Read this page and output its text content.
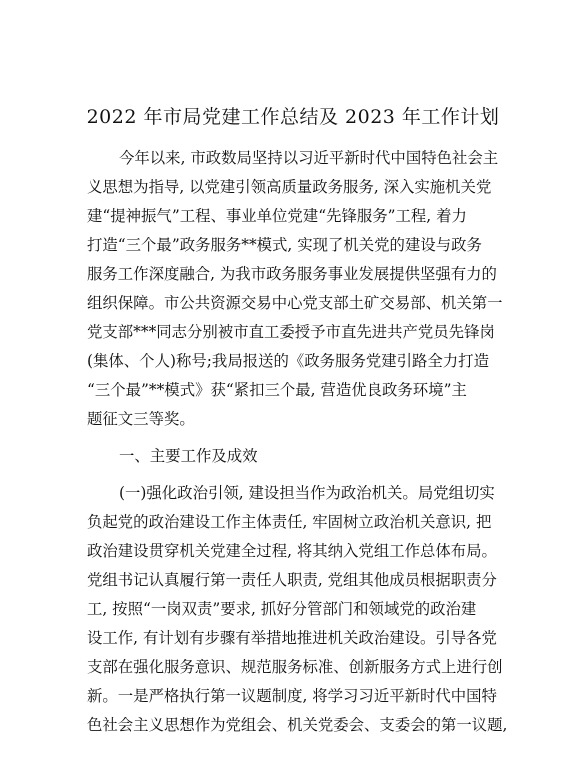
2022 年市局党建工作总结及 2023 年工作计划
今年以来, 市政数局坚持以习近平新时代中国特色社会主
义思想为指导, 以党建引领高质量政务服务, 深入实施机关党
建“提神振气”工程、事业单位党建“先锋服务”工程, 着力
打造“三个最”政务服务**模式, 实现了机关党的建设与政务
服务工作深度融合, 为我市政务服务事业发展提供坚强有力的
组织保障。市公共资源交易中心党支部土矿交易部、机关第一
党支部***同志分别被市直工委授予市直先进共产党员先锋岗
(集体、个人)称号;我局报送的《政务服务党建引路全力打造
“三个最”**模式》获“紧扣三个最, 营造优良政务环境”主
题征文三等奖。
一、主要工作及成效
(一)强化政治引领, 建设担当作为政治机关。局党组切实
负起党的政治建设工作主体责任, 牢固树立政治机关意识, 把
政治建设贯穿机关党建全过程, 将其纳入党组工作总体布局。
党组书记认真履行第一责任人职责, 党组其他成员根据职责分
工, 按照“一岗双责”要求, 抓好分管部门和领域党的政治建
设工作, 有计划有步骤有举措地推进机关政治建设。引导各党
支部在强化服务意识、规范服务标准、创新服务方式上进行创
新。一是严格执行第一议题制度, 将学习习近平新时代中国特
色社会主义思想作为党组会、机关党委会、支委会的第一议题,
